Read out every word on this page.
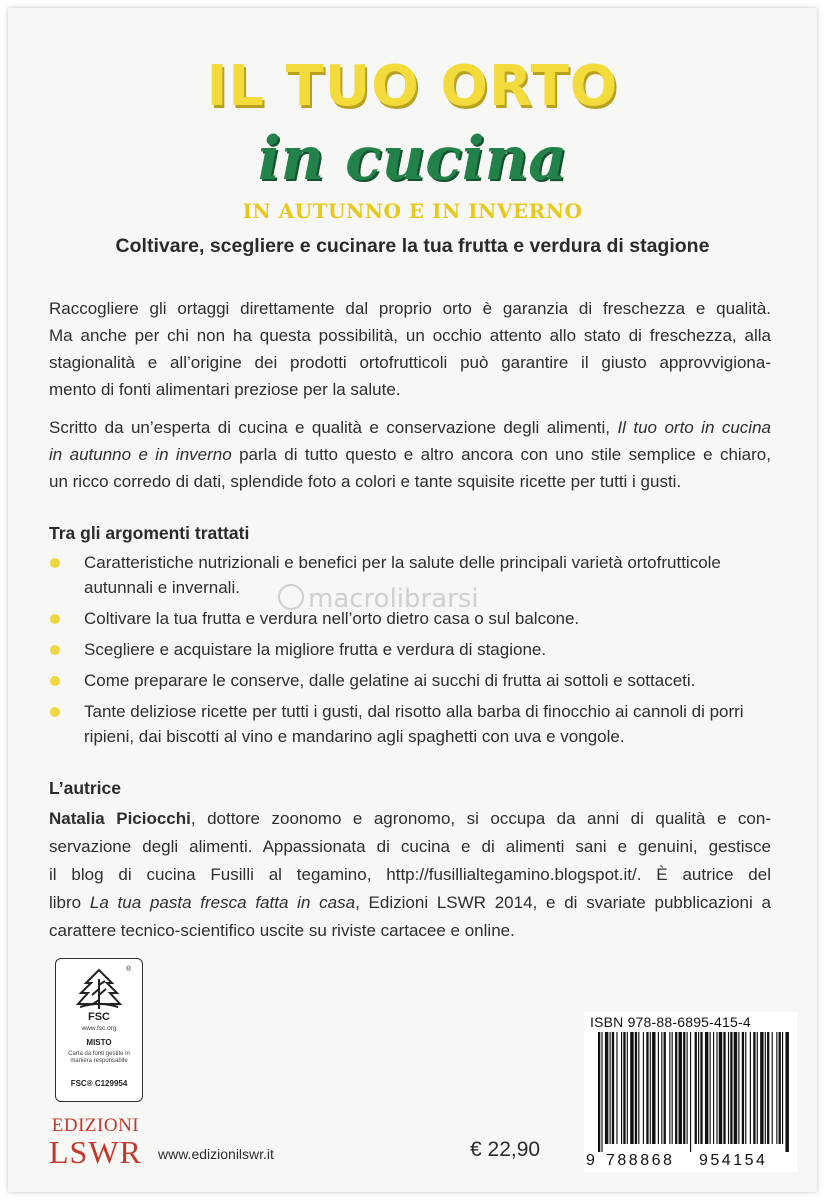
IL TUO ORTO
in cucina
IN AUTUNNO E IN INVERNO
Coltivare, scegliere e cucinare la tua frutta e verdura di stagione
Raccogliere gli ortaggi direttamente dal proprio orto è garanzia di freschezza e qualità.
Ma anche per chi non ha questa possibilità, un occhio attento allo stato di freschezza, alla
stagionalità e all’origine dei prodotti ortofrutticoli può garantire il giusto approvvigiona-
mento di fonti alimentari preziose per la salute.
Scritto da un’esperta di cucina e qualità e conservazione degli alimenti, Il tuo orto in cucina
in autunno e in inverno parla di tutto questo e altro ancora con uno stile semplice e chiaro,
un ricco corredo di dati, splendide foto a colori e tante squisite ricette per tutti i gusti.
macrolibrarsi
Tra gli argomenti trattati
Caratteristiche nutrizionali e benefici per la salute delle principali varietà ortofrutticole autunnali e invernali.
Coltivare la tua frutta e verdura nell’orto dietro casa o sul balcone.
Scegliere e acquistare la migliore frutta e verdura di stagione.
Come preparare le conserve, dalle gelatine ai succhi di frutta ai sottoli e sottaceti.
Tante deliziose ricette per tutti i gusti, dal risotto alla barba di finocchio ai cannoli di porri ripieni, dai biscotti al vino e mandarino agli spaghetti con uva e vongole.
L’autrice
Natalia Piciocchi, dottore zoonomo e agronomo, si occupa da anni di qualità e con-
servazione degli alimenti. Appassionata di cucina e di alimenti sani e genuini, gestisce
il blog di cucina Fusilli al tegamino, http://fusillialtegamino.blogspot.it/. È autrice del
libro La tua pasta fresca fatta in casa, Edizioni LSWR 2014, e di svariate pubblicazioni a
carattere tecnico-scientifico uscite su riviste cartacee e online.
®
FSC
www.fsc.org
MISTO
Carta da fonti gestite in maniera responsabile
FSC® C129954
EDIZIONI
LSWR www.edizionilswr.it	€ 22,90
ISBN 978-88-6895-415-4
9 788868 954154
